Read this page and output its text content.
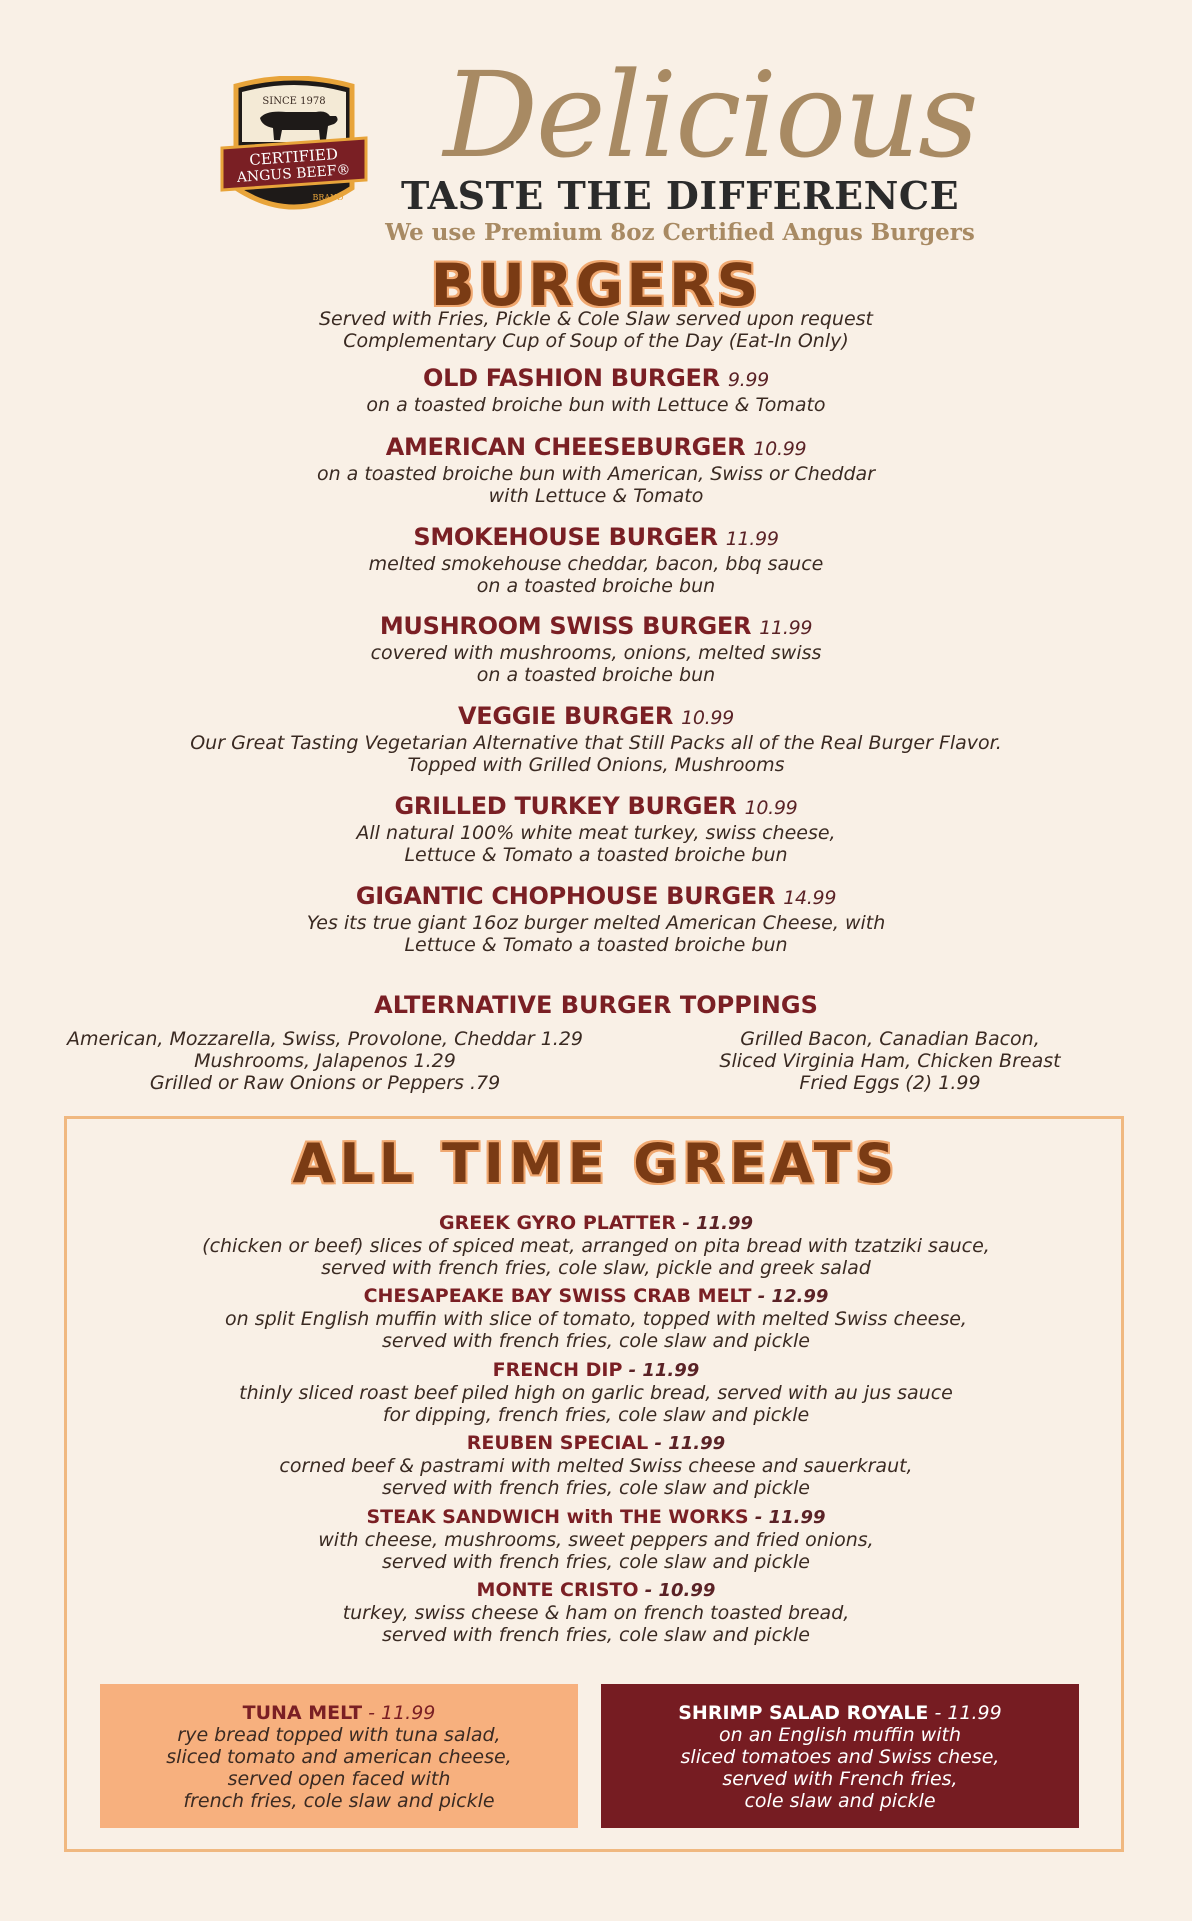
SINCE 1978
CERTIFIED
ANGUS BEEF®
BRAND
Delicious
TASTE THE DIFFERENCE
We use Premium 8oz Certified Angus Burgers
BURGERS
Served with Fries, Pickle & Cole Slaw served upon request
Complementary Cup of Soup of the Day (Eat-In Only)
OLD FASHION BURGER 9.99
on a toasted broiche bun with Lettuce & Tomato
AMERICAN CHEESEBURGER 10.99
on a toasted broiche bun with American, Swiss or Cheddar
with Lettuce & Tomato
SMOKEHOUSE BURGER 11.99
melted smokehouse cheddar, bacon, bbq sauce
on a toasted broiche bun
MUSHROOM SWISS BURGER 11.99
covered with mushrooms, onions, melted swiss
on a toasted broiche bun
VEGGIE BURGER 10.99
Our Great Tasting Vegetarian Alternative that Still Packs all of the Real Burger Flavor.
Topped with Grilled Onions, Mushrooms
GRILLED TURKEY BURGER 10.99
All natural 100% white meat turkey, swiss cheese,
Lettuce & Tomato a toasted broiche bun
GIGANTIC CHOPHOUSE BURGER 14.99
Yes its true giant 16oz burger melted American Cheese, with
Lettuce & Tomato a toasted broiche bun
ALTERNATIVE BURGER TOPPINGS
American, Mozzarella, Swiss, Provolone, Cheddar 1.29
Mushrooms, Jalapenos 1.29
Grilled or Raw Onions or Peppers .79
Grilled Bacon, Canadian Bacon,
Sliced Virginia Ham, Chicken Breast
Fried Eggs (2) 1.99
ALL TIME GREATS
GREEK GYRO PLATTER - 11.99
(chicken or beef) slices of spiced meat, arranged on pita bread with tzatziki sauce,
served with french fries, cole slaw, pickle and greek salad
CHESAPEAKE BAY SWISS CRAB MELT - 12.99
on split English muffin with slice of tomato, topped with melted Swiss cheese,
served with french fries, cole slaw and pickle
FRENCH DIP - 11.99
thinly sliced roast beef piled high on garlic bread, served with au jus sauce
for dipping, french fries, cole slaw and pickle
REUBEN SPECIAL - 11.99
corned beef & pastrami with melted Swiss cheese and sauerkraut,
served with french fries, cole slaw and pickle
STEAK SANDWICH with THE WORKS - 11.99
with cheese, mushrooms, sweet peppers and fried onions,
served with french fries, cole slaw and pickle
MONTE CRISTO - 10.99
turkey, swiss cheese & ham on french toasted bread,
served with french fries, cole slaw and pickle
TUNA MELT - 11.99
rye bread topped with tuna salad,
sliced tomato and american cheese,
served open faced with
french fries, cole slaw and pickle
SHRIMP SALAD ROYALE - 11.99
on an English muffin with
sliced tomatoes and Swiss chese,
served with French fries,
cole slaw and pickle
